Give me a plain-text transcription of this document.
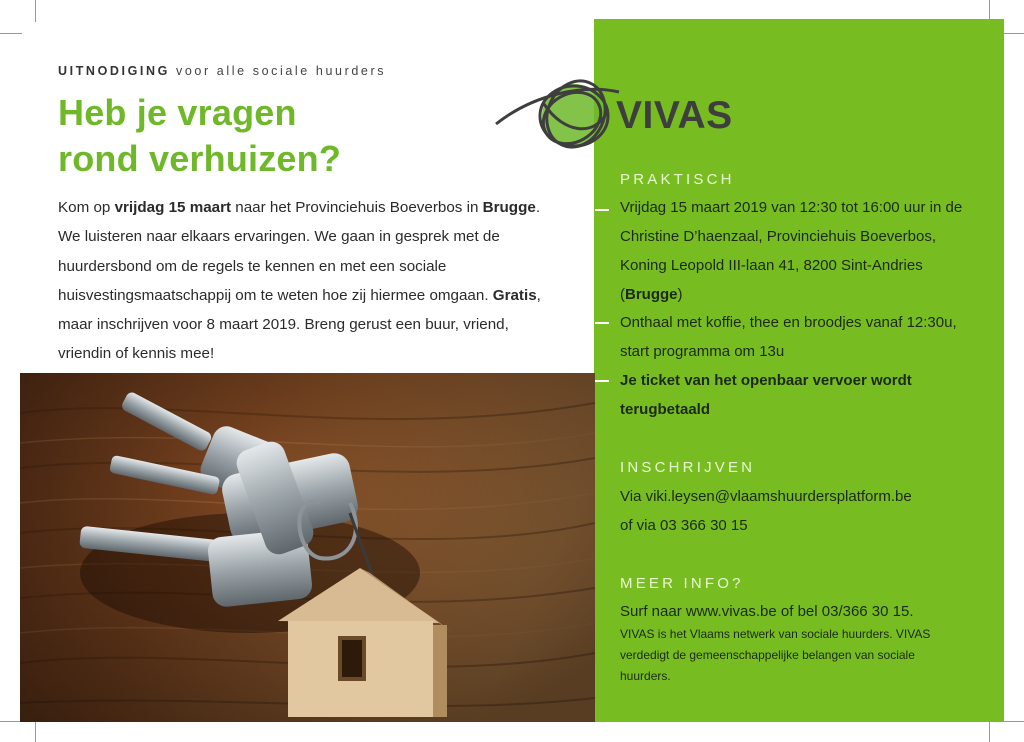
UITNODIGING voor alle sociale huurders
Heb je vragen
rond verhuizen?

Kom op vrijdag 15 maart naar het Provinciehuis Boeverbos in Brugge. We luisteren naar elkaars ervaringen. We gaan in gesprek met de huurdersbond om de regels te kennen en met een sociale huisvestingsmaatschappij om te weten hoe zij hiermee omgaan. Gratis, maar inschrijven voor 8 maart 2019. Breng gerust een buur, vriend, vriendin of kennis mee!

VIVAS
PRAKTISCH

Vrijdag 15 maart 2019 van 12:30 tot 16:00 uur in de Christine D’haenzaal, Provinciehuis Boeverbos, Koning Leopold III-laan 41, 8200 Sint-Andries (Brugge)

Onthaal met koffie, thee en broodjes vanaf 12:30u, start programma om 13u

Je ticket van het openbaar vervoer wordt terugbetaald

INSCHRIJVEN

Via viki.leysen@vlaamshuurdersplatform.be

of via 03 366 30 15

MEER INFO?

Surf naar www.vivas.be of bel 03/366 30 15.

VIVAS is het Vlaams netwerk van sociale huurders. VIVAS verdedigt de gemeenschappelijke belangen van sociale huurders.
